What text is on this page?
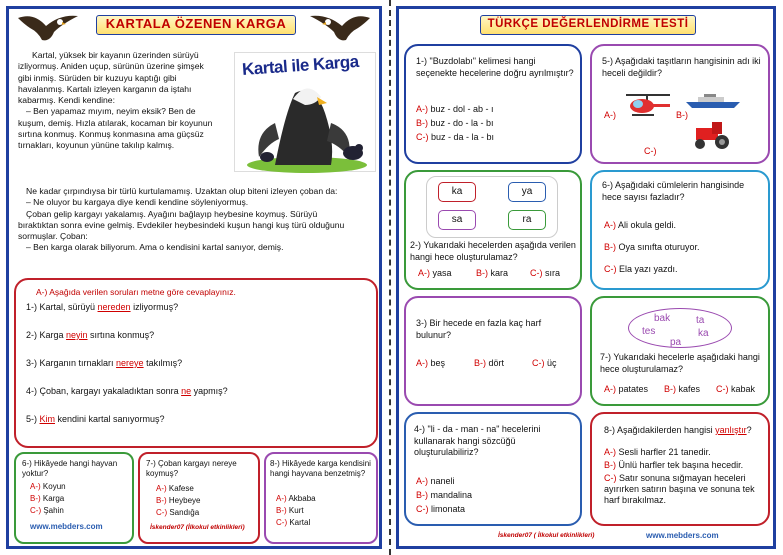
KARTALA ÖZENEN KARGA
Kartal ile Karga

Kartal, yüksek bir kayanın üzerinden sürüyü

izliyormuş. Aniden uçup, sürünün üzerine şimşek

gibi inmiş. Sürüden bir kuzuyu kaptığı gibi

havalanmış. Kartalı izleyen karganın da iştahı

kabarmış. Kendi kendine:

– Ben yapamaz mıyım, neyim eksik? Ben de

kuşum, demiş. Hızla atılarak, kocaman bir koyunun

sırtına konmuş. Konmuş konmasına ama güçsüz

tırnakları, koyunun yününe takılıp kalmış.

Ne kadar çırpındıysa bir türlü kurtulamamış. Uzaktan olup biteni izleyen çoban da:

– Ne oluyor bu kargaya diye kendi kendine söyleniyormuş.

Çoban gelip kargayı yakalamış. Ayağını bağlayıp heybesine koymuş. Sürüyü

bıraktıktan sonra evine gelmiş. Evdekiler heybesindeki kuşun hangi kuş türü olduğunu

sormuşlar. Çoban:

– Ben karga olarak biliyorum. Ama o kendisini kartal sanıyor, demiş.

A-) Aşağıda verilen soruları metne göre cevaplayınız.
1-) Kartal, sürüyü nereden izliyormuş?
2-) Karga neyin sırtına konmuş?
3-) Karganın tırnakları nereye takılmış?
4-) Çoban, kargayı yakaladıktan sonra ne yapmış?
5-) Kim kendini kartal sanıyormuş?
6-) Hikâyede hangi hayvan yoktur?
A-) Koyun
B-) Karga
C-) Şahin
www.mebders.com
7-) Çoban kargayı nereye koymuş?
A-) Kafese
B-) Heybeye
C-) Sandığa
İskender07 (İlkokul etkinlikleri)
8-) Hikâyede karga kendisini hangi hayvana benzetmiş?
A-) Akbaba
B-) Kurt
C-) Kartal
TÜRKÇE DEĞERLENDİRME TESTİ
1-) "Buzdolabı" kelimesi hangi seçenekte hecelerine doğru ayrılmıştır?
A-) buz - dol - ab - ı
B-) buz - do - la - bı
C-) buz - da - la - bı
5-) Aşağıdaki taşıtların hangisinin adı iki heceli değildir?
A-)	B-)
C-)
ka	ya
sa	ra
2-) Yukarıdaki hecelerden aşağıda verilen hangi hece oluşturulamaz?
A-) yasa	B-) kara C-) sıra
6-) Aşağıdaki cümlelerin hangisinde hece sayısı fazladır?
A-) Ali okula geldi.
B-) Oya sınıfta oturuyor.
C-) Ela yazı yazdı.
3-) Bir hecede en fazla kaç harf bulunur?
A-) beş	B-) dört	C-) üç
bak	ta
tes	ka
pa
7-) Yukarıdaki hecelerle aşağıdaki hangi hece oluşturulamaz?
A-) patates B-) kafes C-) kabak
4-) "li - da - man - na" hecelerini kullanarak hangi sözcüğü oluşturulabiliriz?
A-) naneli
B-) mandalina
C-) limonata
8-) Aşağıdakilerden hangisi yanlıştır?
A-) Sesli harfler 21 tanedir.
B-) Ünlü harfler tek başına hecedir.
C-) Satır sonuna sığmayan heceleri ayırırken satırın başına ve sonuna tek harf bırakılmaz.
İskender07 ( İlkokul etkinlikleri)	www.mebders.com
